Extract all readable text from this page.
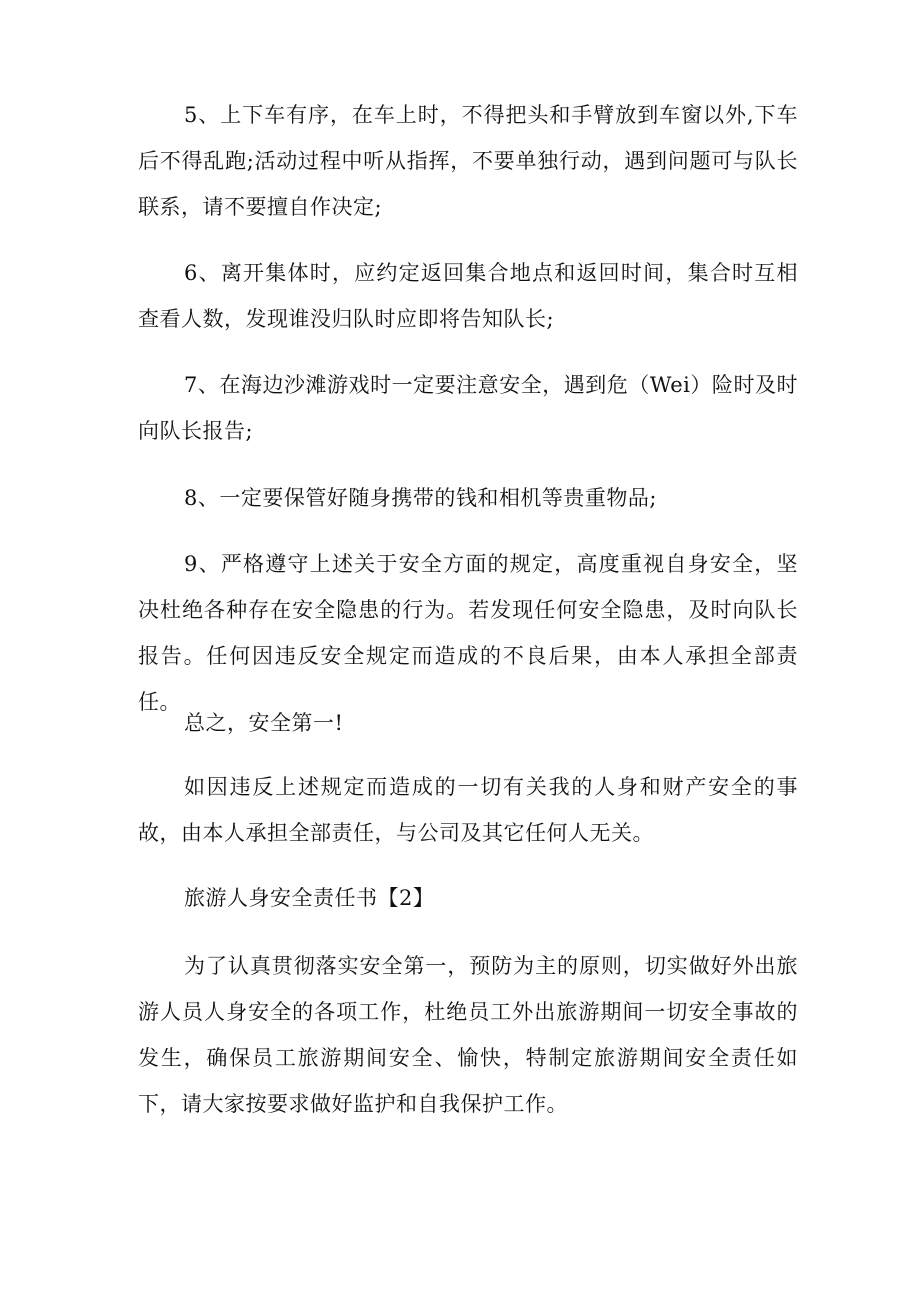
5、上下车有序，在车上时，不得把头和手臂放到车窗以外,下车后不得乱跑;活动过程中听从指挥，不要单独行动，遇到问题可与队长联系，请不要擅自作决定;

6、离开集体时，应约定返回集合地点和返回时间，集合时互相查看人数，发现谁没归队时应即将告知队长;

7、在海边沙滩游戏时一定要注意安全，遇到危（Wei）险时及时向队长报告;

8、一定要保管好随身携带的钱和相机等贵重物品;

9、严格遵守上述关于安全方面的规定，高度重视自身安全，坚决杜绝各种存在安全隐患的行为。若发现任何安全隐患，及时向队长报告。任何因违反安全规定而造成的不良后果，由本人承担全部责任。

总之，安全第一!

如因违反上述规定而造成的一切有关我的人身和财产安全的事故，由本人承担全部责任，与公司及其它任何人无关。

旅游人身安全责任书【2】

为了认真贯彻落实安全第一，预防为主的原则，切实做好外出旅游人员人身安全的各项工作，杜绝员工外出旅游期间一切安全事故的发生，确保员工旅游期间安全、愉快，特制定旅游期间安全责任如下，请大家按要求做好监护和自我保护工作。
